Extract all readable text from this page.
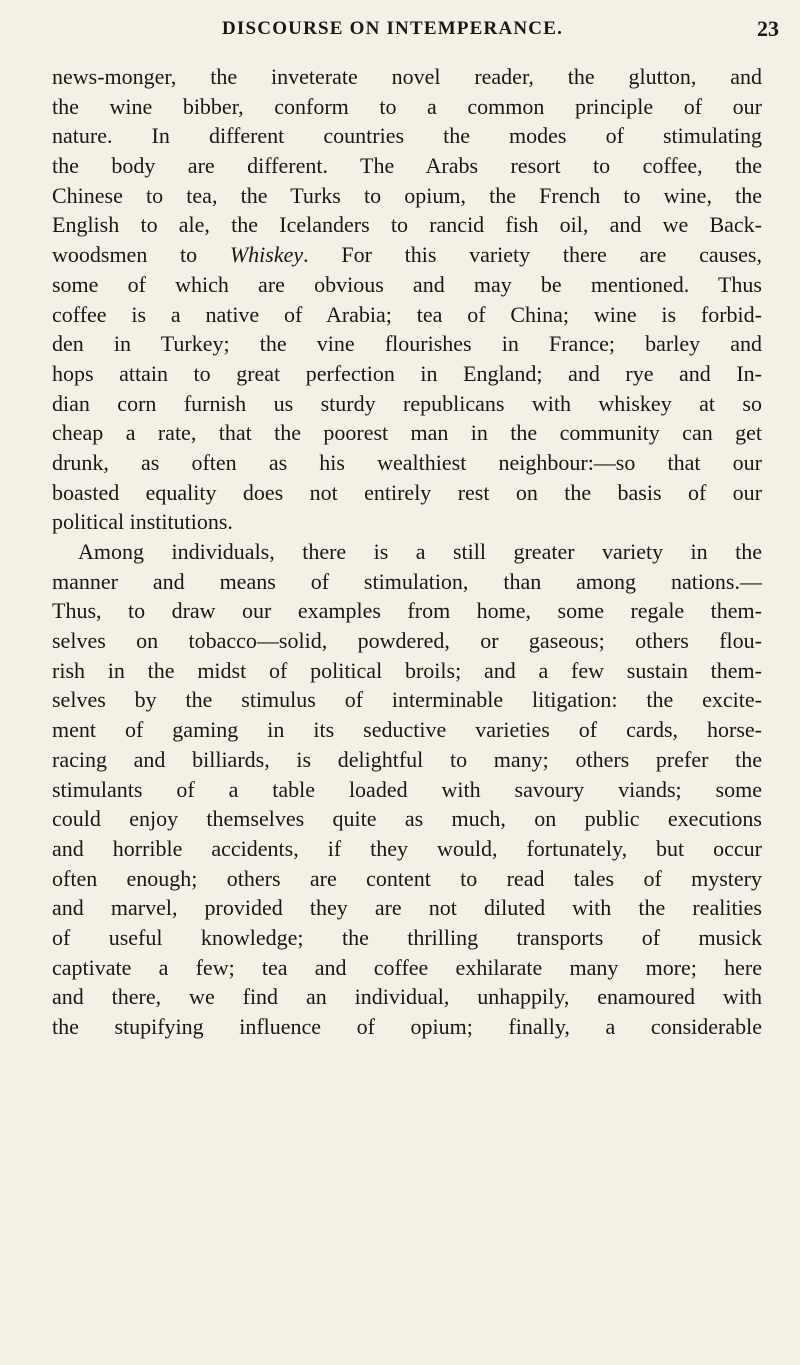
DISCOURSE ON INTEMPERANCE.	23
news-monger, the inveterate novel reader, the glutton, and
the wine bibber, conform to a common principle of our
nature. In different countries the modes of stimulating
the body are different. The Arabs resort to coffee, the
Chinese to tea, the Turks to opium, the French to wine, the
English to ale, the Icelanders to rancid fish oil, and we Back-
woodsmen to Whiskey. For this variety there are causes,
some of which are obvious and may be mentioned. Thus
coffee is a native of Arabia; tea of China; wine is forbid-
den in Turkey; the vine flourishes in France; barley and
hops attain to great perfection in England; and rye and In-
dian corn furnish us sturdy republicans with whiskey at so
cheap a rate, that the poorest man in the community can get
drunk, as often as his wealthiest neighbour:—so that our
boasted equality does not entirely rest on the basis of our
political institutions.
Among individuals, there is a still greater variety in the
manner and means of stimulation, than among nations.—
Thus, to draw our examples from home, some regale them-
selves on tobacco—solid, powdered, or gaseous; others flou-
rish in the midst of political broils; and a few sustain them-
selves by the stimulus of interminable litigation: the excite-
ment of gaming in its seductive varieties of cards, horse-
racing and billiards, is delightful to many; others prefer the
stimulants of a table loaded with savoury viands; some
could enjoy themselves quite as much, on public executions
and horrible accidents, if they would, fortunately, but occur
often enough; others are content to read tales of mystery
and marvel, provided they are not diluted with the realities
of useful knowledge; the thrilling transports of musick
captivate a few; tea and coffee exhilarate many more; here
and there, we find an individual, unhappily, enamoured with
the stupifying influence of opium; finally, a considerable
